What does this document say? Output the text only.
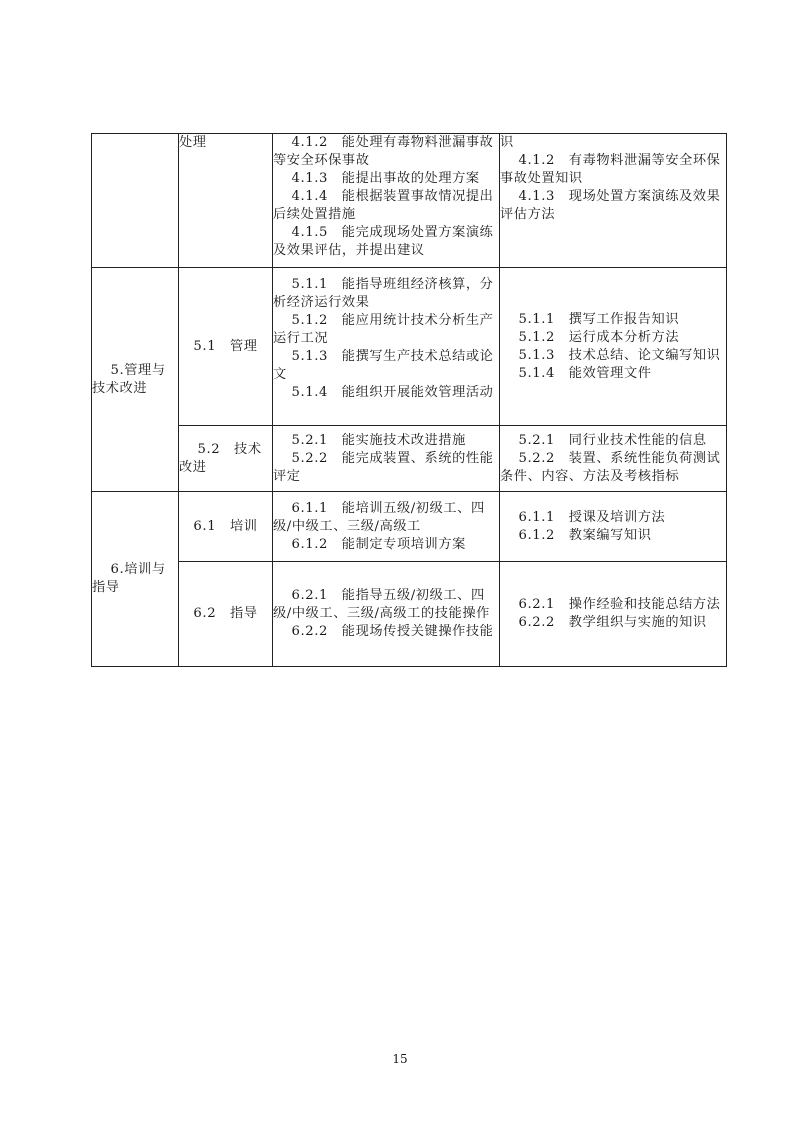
	处理	4.1.2　能处理有毒物料泄漏事故等安全环保事故
4.1.3　能提出事故的处理方案
4.1.4　能根据装置事故情况提出后续处置措施
4.1.5　能完成现场处置方案演练及效果评估，并提出建议	识
4.1.2　有毒物料泄漏等安全环保事故处置知识
4.1.3　现场处置方案演练及效果评估方法

5.管理与技术改进	5.1　管理	5.1.1　能指导班组经济核算，分析经济运行效果
5.1.2　能应用统计技术分析生产运行工况
5.1.3　能撰写生产技术总结或论文
5.1.4　能组织开展能效管理活动	5.1.1　撰写工作报告知识
5.1.2　运行成本分析方法
5.1.3　技术总结、论文编写知识
5.1.4　能效管理文件

	5.2　技术改进	5.2.1　能实施技术改进措施
5.2.2　能完成装置、系统的性能评定	5.2.1　同行业技术性能的信息
5.2.2　装置、系统性能负荷测试条件、内容、方法及考核指标

6.培训与指导	6.1　培训	6.1.1　能培训五级/初级工、四级/中级工、三级/高级工
6.1.2　能制定专项培训方案	6.1.1　授课及培训方法
6.1.2　教案编写知识

	6.2　指导	6.2.1　能指导五级/初级工、四级/中级工、三级/高级工的技能操作
6.2.2　能现场传授关键操作技能	6.2.1　操作经验和技能总结方法
6.2.2　教学组织与实施的知识
15
